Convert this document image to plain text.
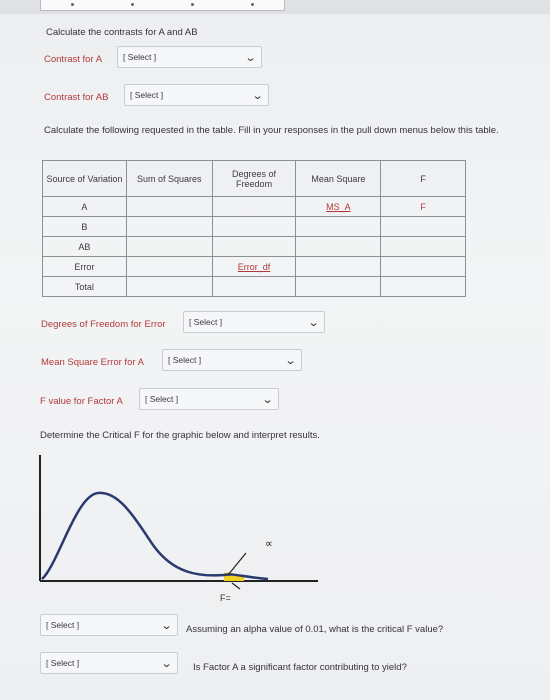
Calculate the contrasts for A and AB
Contrast for A [ Select ]	⌄
Contrast for AB	[ Select ]	⌄
Calculate the following requested in the table. Fill in your responses in the pull down menus below this table.
Source of Variation	Sum of Squares	Degrees of Freedom	Mean Square	F
A			MS_A	F
B				
AB				
Error		Error_df		
Total				
Degrees of Freedom for Error	[ Select ]	⌄
Mean Square Error for A	[ Select ]	⌄
F value for Factor A	[ Select ]	⌄
Determine the Critical F for the graphic below and interpret results.
∝
F=
[ Select ]	⌄ Assuming an alpha value of 0.01, what is the critical F value?
[ Select ]	⌄ Is Factor A a significant factor contributing to yield?
